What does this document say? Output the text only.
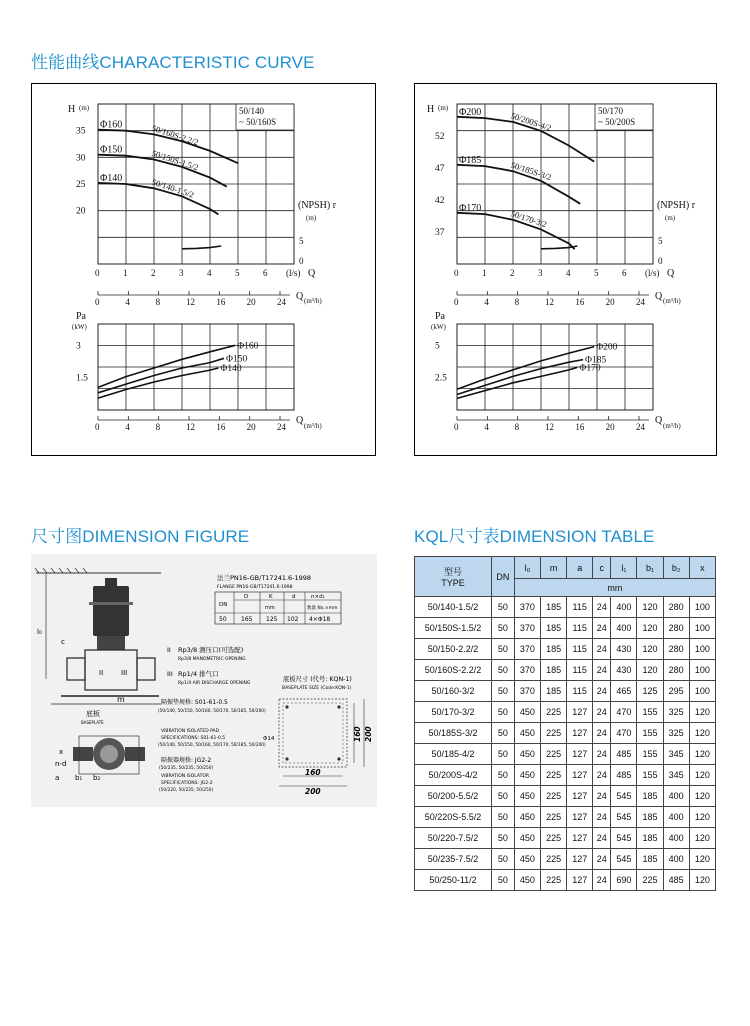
性能曲线CHARACTERISTIC CURVE
50/140
~ 50/160S
H (m)
35
30
25
20
0	1	2	3	4	5	6 (l/s) Q
0	4	8	12 16 20 24 Q (m³/h)
(NPSH) r
(m)
5
0
Φ160	50/160S-2.2/2
Φ150	50/150S-1.5/2
Φ140	50/140-1.5/2
Pa
(kW)
3
1.5
Φ160
Φ150
Φ140
0	4	8	12 16 20 24
Q (m³/h)
50/170
~ 50/200S
H (m)
52
47
42
37
0	1	2	3	4	5	6 (l/s) Q
0	4	8	12 16 20 24 Q (m³/h)
(NPSH) r
(m)
5
0
Φ200	50/200S-4/2
Φ185	50/185S-3/2
Φ170	50/170-3/2
Pa
(kW)
5
2.5
Φ200
Φ185
Φ170
0	4	8	12 16 20 24
Q (m³/h)
尺寸图DIMENSION FIGURE	KQL尺寸表DIMENSION TABLE
m
底板
BASEPLATE
l₀
c
II	III
n-d
x
a b₁ b₂
法兰PN16-GB/T17241.6-1998
FLANGE PN16-GB/T17241.6-1998
DN
D	K	d	n×d₁
mm	数量 No.×mm
50 165 125 102 4×Φ18
II Rp3/8 测压口(可选配)
Rp3/8 MANOMETRIC OPENING
III Rp1/4 排气口
Rp1/4 AIR DISCHARGE OPENING
隔振垫规格: S01-61-0.5
(50/140, 50/150, 50/160, 50/170, 50/185, 50/200)
VIBRATION ISOLATED PAD
SPECIFICATIONS: S01-61-0.5
(50/140, 50/150, 50/160, 50/170, 50/185, 50/200)
隔振器规格: JG2-2
(50/235, 50/235, 50/250)
VIBRATION ISOLATOR
SPECIFICATIONS: JG2-2
(50/220, 50/235, 50/250)
底板尺寸 (代号: KQN-1)
BASEPLATE SIZE (Code:KQN-1)
Φ14
160
200
160 200
型号
TYPE	DN	l₀	m	a	c	l₁	b₁	b₂	x
		mm							
50/140-1.5/2	50	370	185	115	24	400	120	280	100
50/150S-1.5/2	50	370	185	115	24	400	120	280	100
50/150-2.2/2	50	370	185	115	24	430	120	280	100
50/160S-2.2/2	50	370	185	115	24	430	120	280	100
50/160-3/2	50	370	185	115	24	465	125	295	100
50/170-3/2	50	450	225	127	24	470	155	325	120
50/185S-3/2	50	450	225	127	24	470	155	325	120
50/185-4/2	50	450	225	127	24	485	155	345	120
50/200S-4/2	50	450	225	127	24	485	155	345	120
50/200-5.5/2	50	450	225	127	24	545	185	400	120
50/220S-5.5/2	50	450	225	127	24	545	185	400	120
50/220-7.5/2	50	450	225	127	24	545	185	400	120
50/235-7.5/2	50	450	225	127	24	545	185	400	120
50/250-11/2	50	450	225	127	24	690	225	485	120
